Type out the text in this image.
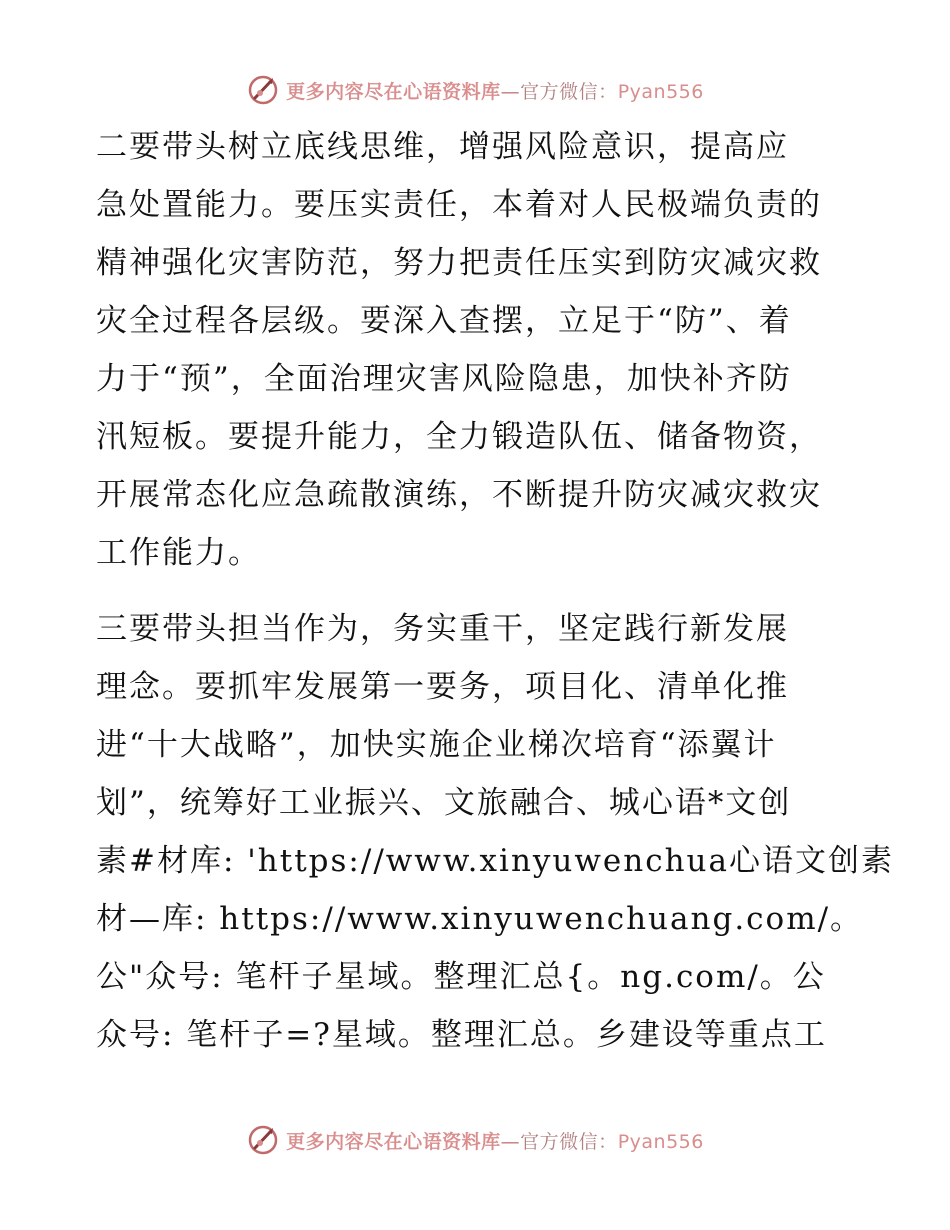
更多内容尽在心语资料库—官方微信：Pyan556
二要带头树立底线思维，增强风险意识，提高应
急处置能力。要压实责任，本着对人民极端负责的
精神强化灾害防范，努力把责任压实到防灾减灾救
灾全过程各层级。要深入查摆，立足于“防”、着
力于“预”，全面治理灾害风险隐患，加快补齐防
汛短板。要提升能力，全力锻造队伍、储备物资，
开展常态化应急疏散演练，不断提升防灾减灾救灾
工作能力。
三要带头担当作为，务实重干，坚定践行新发展
理念。要抓牢发展第一要务，项目化、清单化推
进“十大战略”，加快实施企业梯次培育“添翼计
划”，统筹好工业振兴、文旅融合、城心语*文创
素#材库: 'https://www.xinyuwenchua心语文创素
材—库: https://www.xinyuwenchuang.com/。
公"众号: 笔杆子星域。整理汇总{。ng.com/。公
众号: 笔杆子=?星域。整理汇总。乡建设等重点工
更多内容尽在心语资料库—官方微信：Pyan556
